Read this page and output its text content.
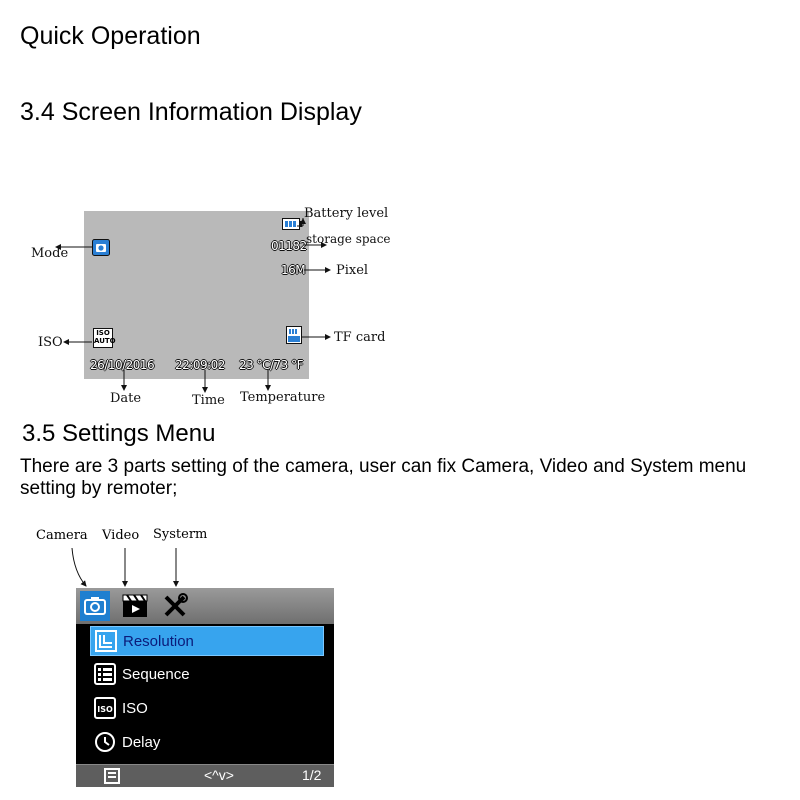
Quick Operation
3.4 Screen Information Display
01182
16M
ISO
AUTO
26/10/2016 22:09:02 23 °C/73 °F
Battery level
storage space
Pixel
Mode
ISO	TF card
Date	Time Temperature
3.5 Settings Menu
There are 3 parts setting of the camera, user can fix Camera, Video and System menu setting by remoter;
Camera Video Systerm
Resolution
Sequence
ISO ISO
Delay
<^v>	1/2
